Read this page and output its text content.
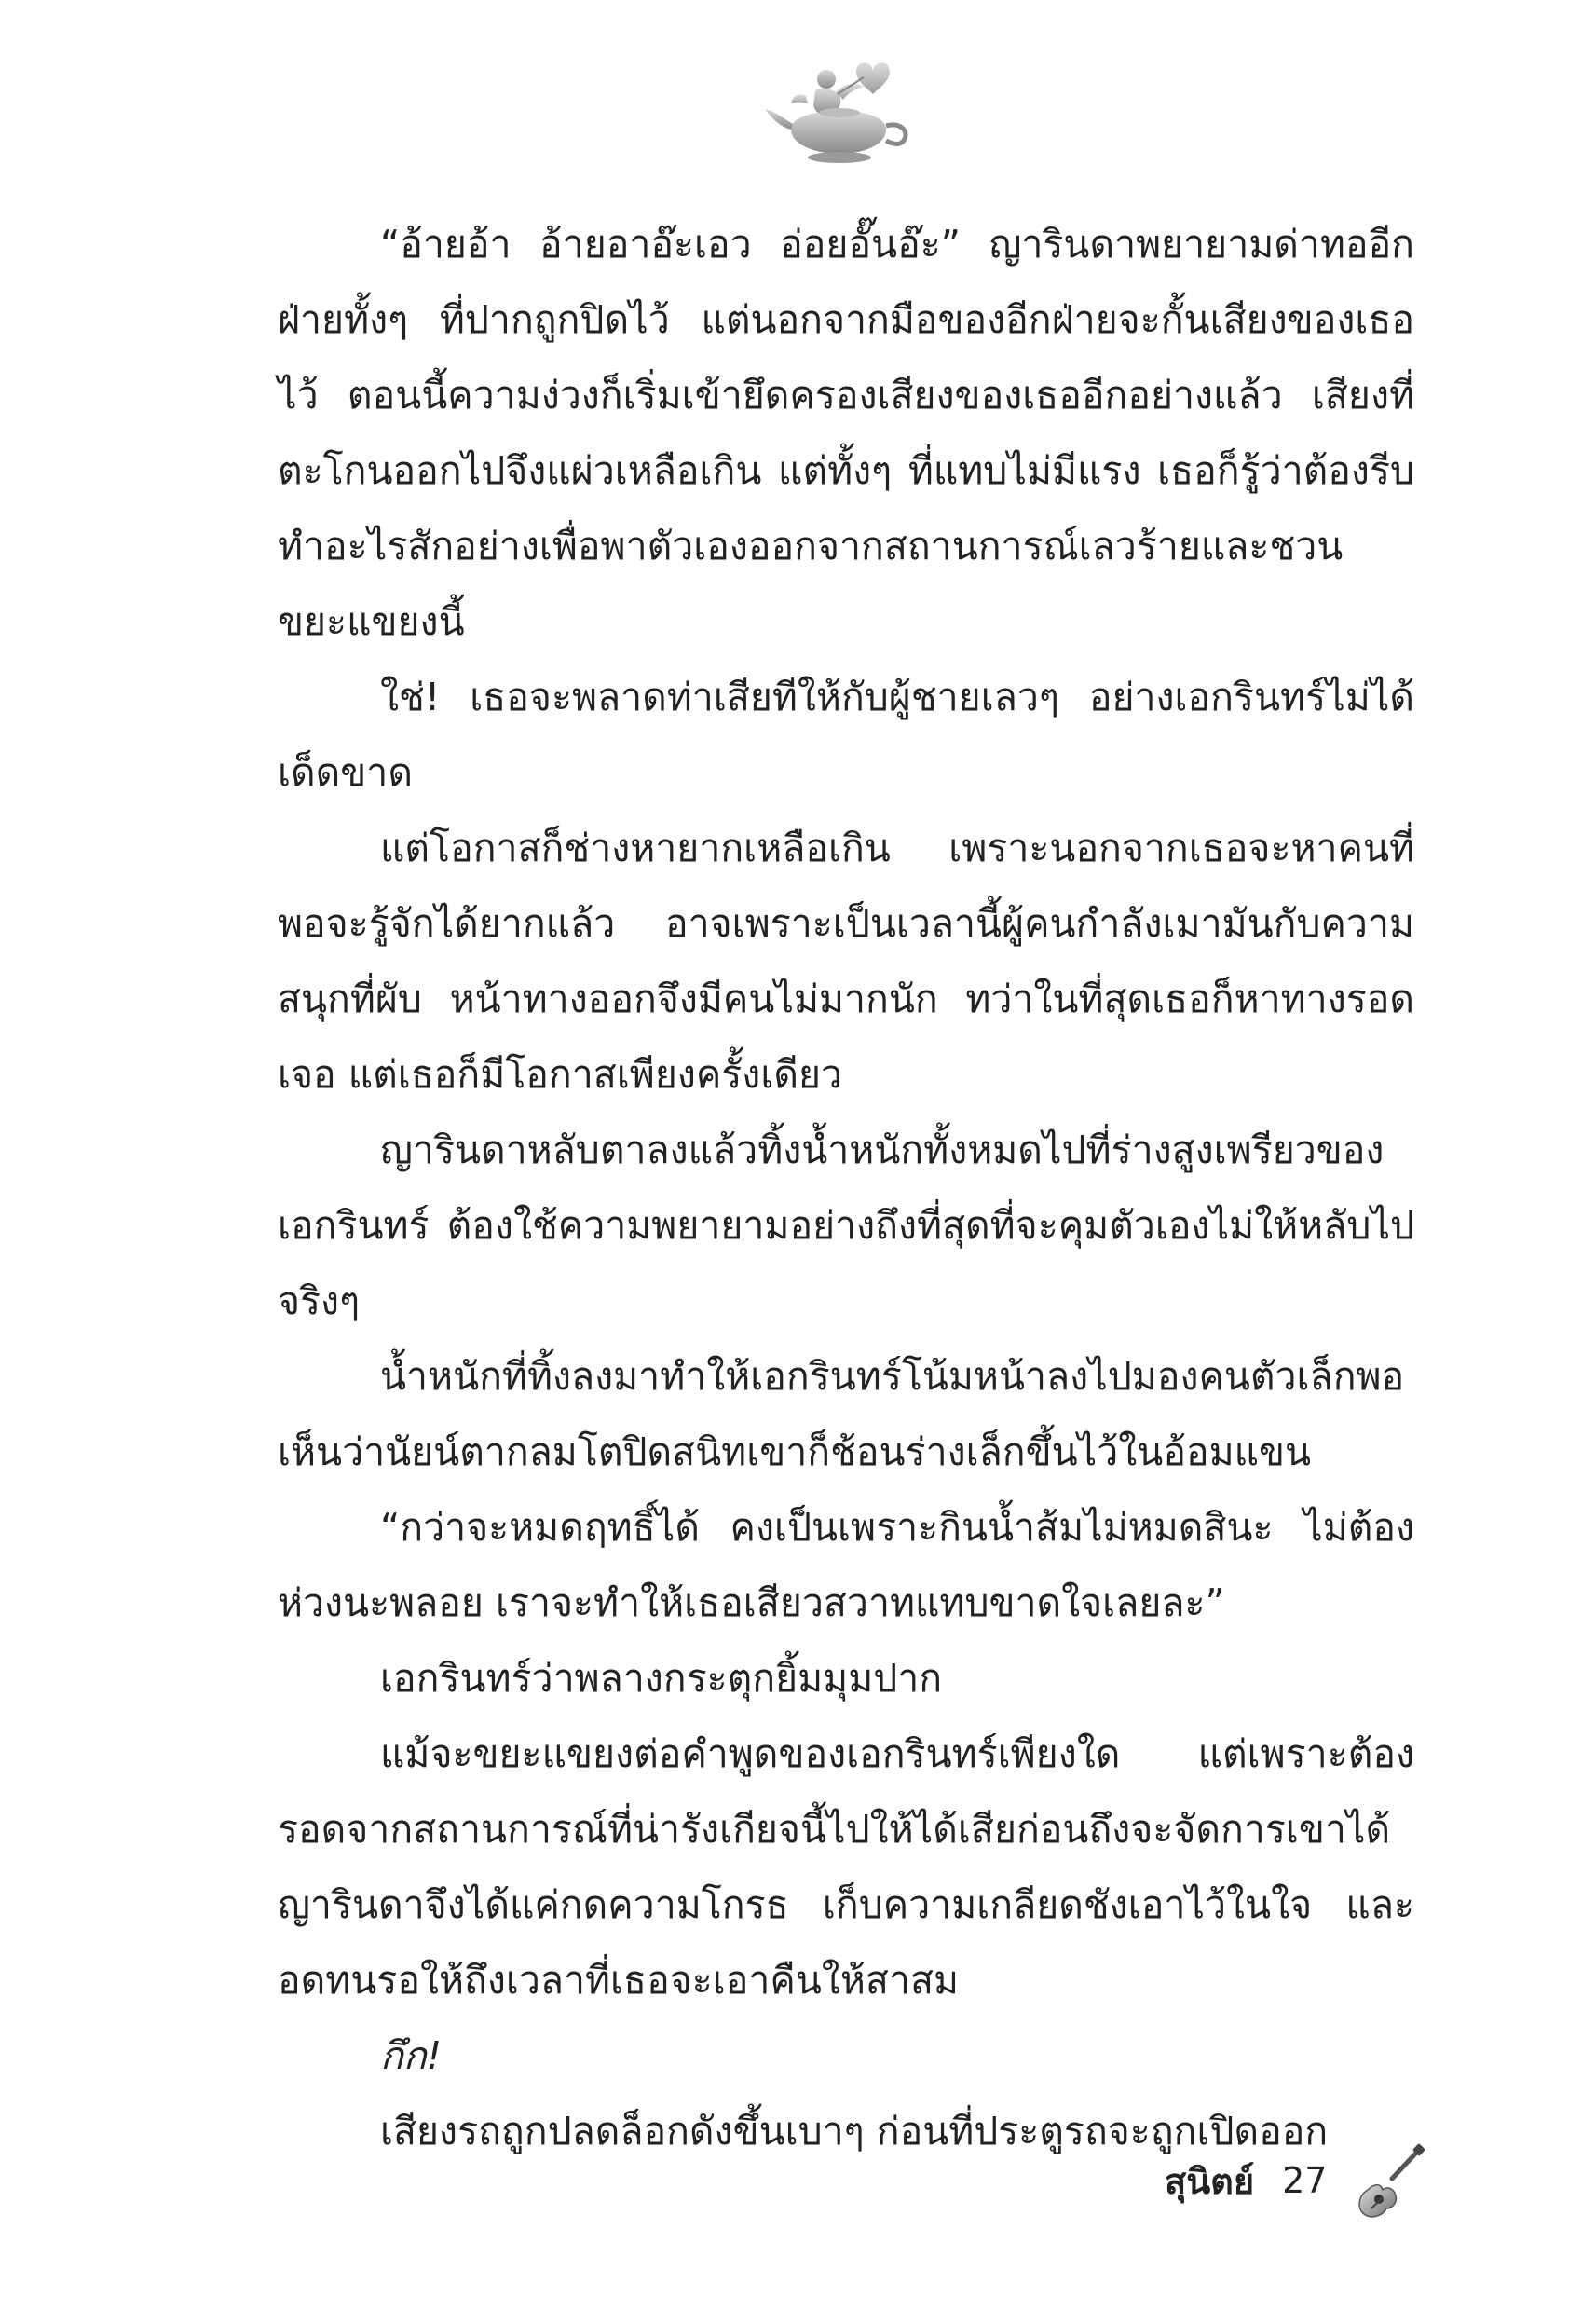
“อ้ายอ้า อ้ายอาอ๊ะเอว อ่อยอั๊นอ๊ะ” ญารินดาพยายามด่าทออีกฝ่ายทั้งๆ ที่ปากถูกปิดไว้ แต่นอกจากมือของอีกฝ่ายจะกั้นเสียงของเธอไว้ ตอนนี้ความง่วงก็เริ่มเข้ายึดครองเสียงของเธออีกอย่างแล้ว เสียงที่ตะโกนออกไปจึงแผ่วเหลือเกิน แต่ทั้งๆ ที่แทบไม่มีแรง เธอก็รู้ว่าต้องรีบทำอะไรสักอย่างเพื่อพาตัวเองออกจากสถานการณ์เลวร้ายและชวนขยะแขยงนี้

ใช่! เธอจะพลาดท่าเสียทีให้กับผู้ชายเลวๆ อย่างเอกรินทร์ไม่ได้เด็ดขาด

แต่โอกาสก็ช่างหายากเหลือเกิน เพราะนอกจากเธอจะหาคนที่พอจะรู้จักได้ยากแล้ว อาจเพราะเป็นเวลานี้ผู้คนกำลังเมามันกับความสนุกที่ผับ หน้าทางออกจึงมีคนไม่มากนัก ทว่าในที่สุดเธอก็หาทางรอดเจอ แต่เธอก็มีโอกาสเพียงครั้งเดียว

ญารินดาหลับตาลงแล้วทิ้งน้ำหนักทั้งหมดไปที่ร่างสูงเพรียวของเอกรินทร์ ต้องใช้ความพยายามอย่างถึงที่สุดที่จะคุมตัวเองไม่ให้หลับไปจริงๆ

น้ำหนักที่ทิ้งลงมาทำให้เอกรินทร์โน้มหน้าลงไปมองคนตัวเล็กพอเห็นว่านัยน์ตากลมโตปิดสนิทเขาก็ช้อนร่างเล็กขึ้นไว้ในอ้อมแขน

“กว่าจะหมดฤทธิ์ได้ คงเป็นเพราะกินน้ำส้มไม่หมดสินะ ไม่ต้องห่วงนะพลอย เราจะทำให้เธอเสียวสวาทแทบขาดใจเลยละ”

เอกรินทร์ว่าพลางกระตุกยิ้มมุมปาก

แม้จะขยะแขยงต่อคำพูดของเอกรินทร์เพียงใด แต่เพราะต้องรอดจากสถานการณ์ที่น่ารังเกียจนี้ไปให้ได้เสียก่อนถึงจะจัดการเขาได้ ญารินดาจึงได้แค่กดความโกรธ เก็บความเกลียดชังเอาไว้ในใจ และอดทนรอให้ถึงเวลาที่เธอจะเอาคืนให้สาสม

กึก!

เสียงรถถูกปลดล็อกดังขึ้นเบาๆ ก่อนที่ประตูรถจะถูกเปิดออก

สุนิตย์ 27
